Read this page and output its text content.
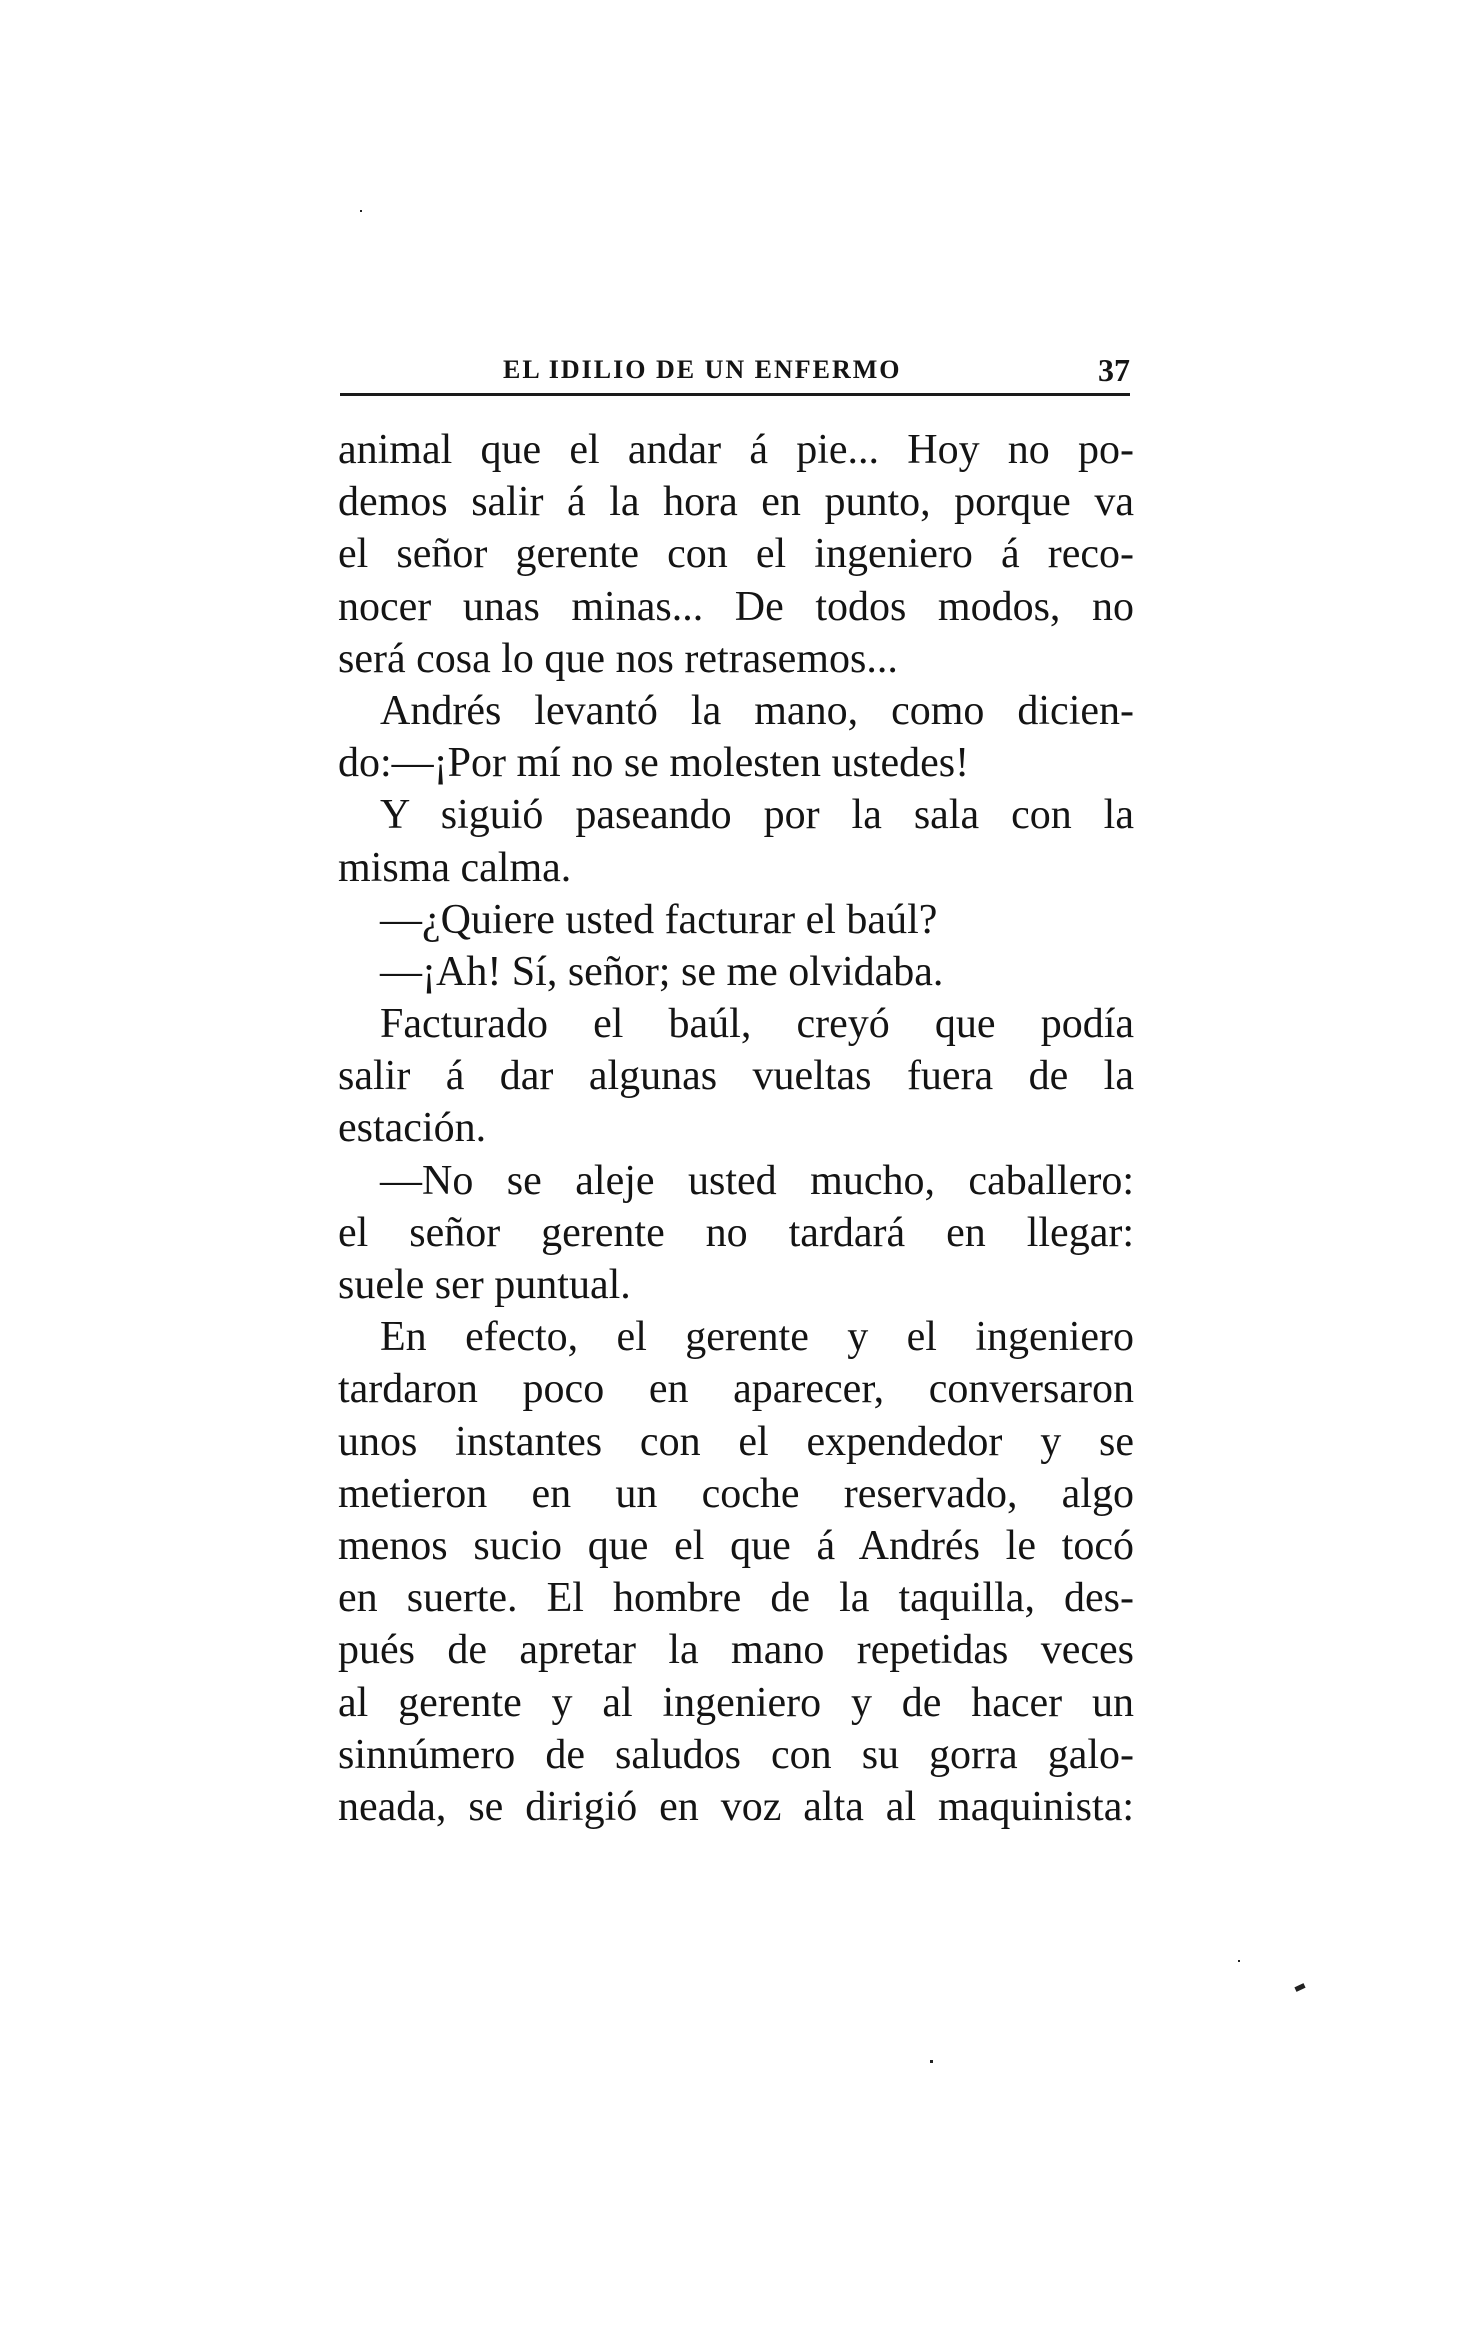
EL IDILIO DE UN ENFERMO	37
animal que el andar á pie... Hoy no po-
demos salir á la hora en punto, porque va
el señor gerente con el ingeniero á reco-
nocer unas minas... De todos modos, no
será cosa lo que nos retrasemos...
Andrés levantó la mano, como dicien-
do:—¡Por mí no se molesten ustedes!
Y siguió paseando por la sala con la
misma calma.
—¿Quiere usted facturar el baúl?
—¡Ah! Sí, señor; se me olvidaba.
Facturado el baúl, creyó que podía
salir á dar algunas vueltas fuera de la
estación.
—No se aleje usted mucho, caballero:
el señor gerente no tardará en llegar:
suele ser puntual.
En efecto, el gerente y el ingeniero
tardaron poco en aparecer, conversaron
unos instantes con el expendedor y se
metieron en un coche reservado, algo
menos sucio que el que á Andrés le tocó
en suerte. El hombre de la taquilla, des-
pués de apretar la mano repetidas veces
al gerente y al ingeniero y de hacer un
sinnúmero de saludos con su gorra galo-
neada, se dirigió en voz alta al maquinista:
